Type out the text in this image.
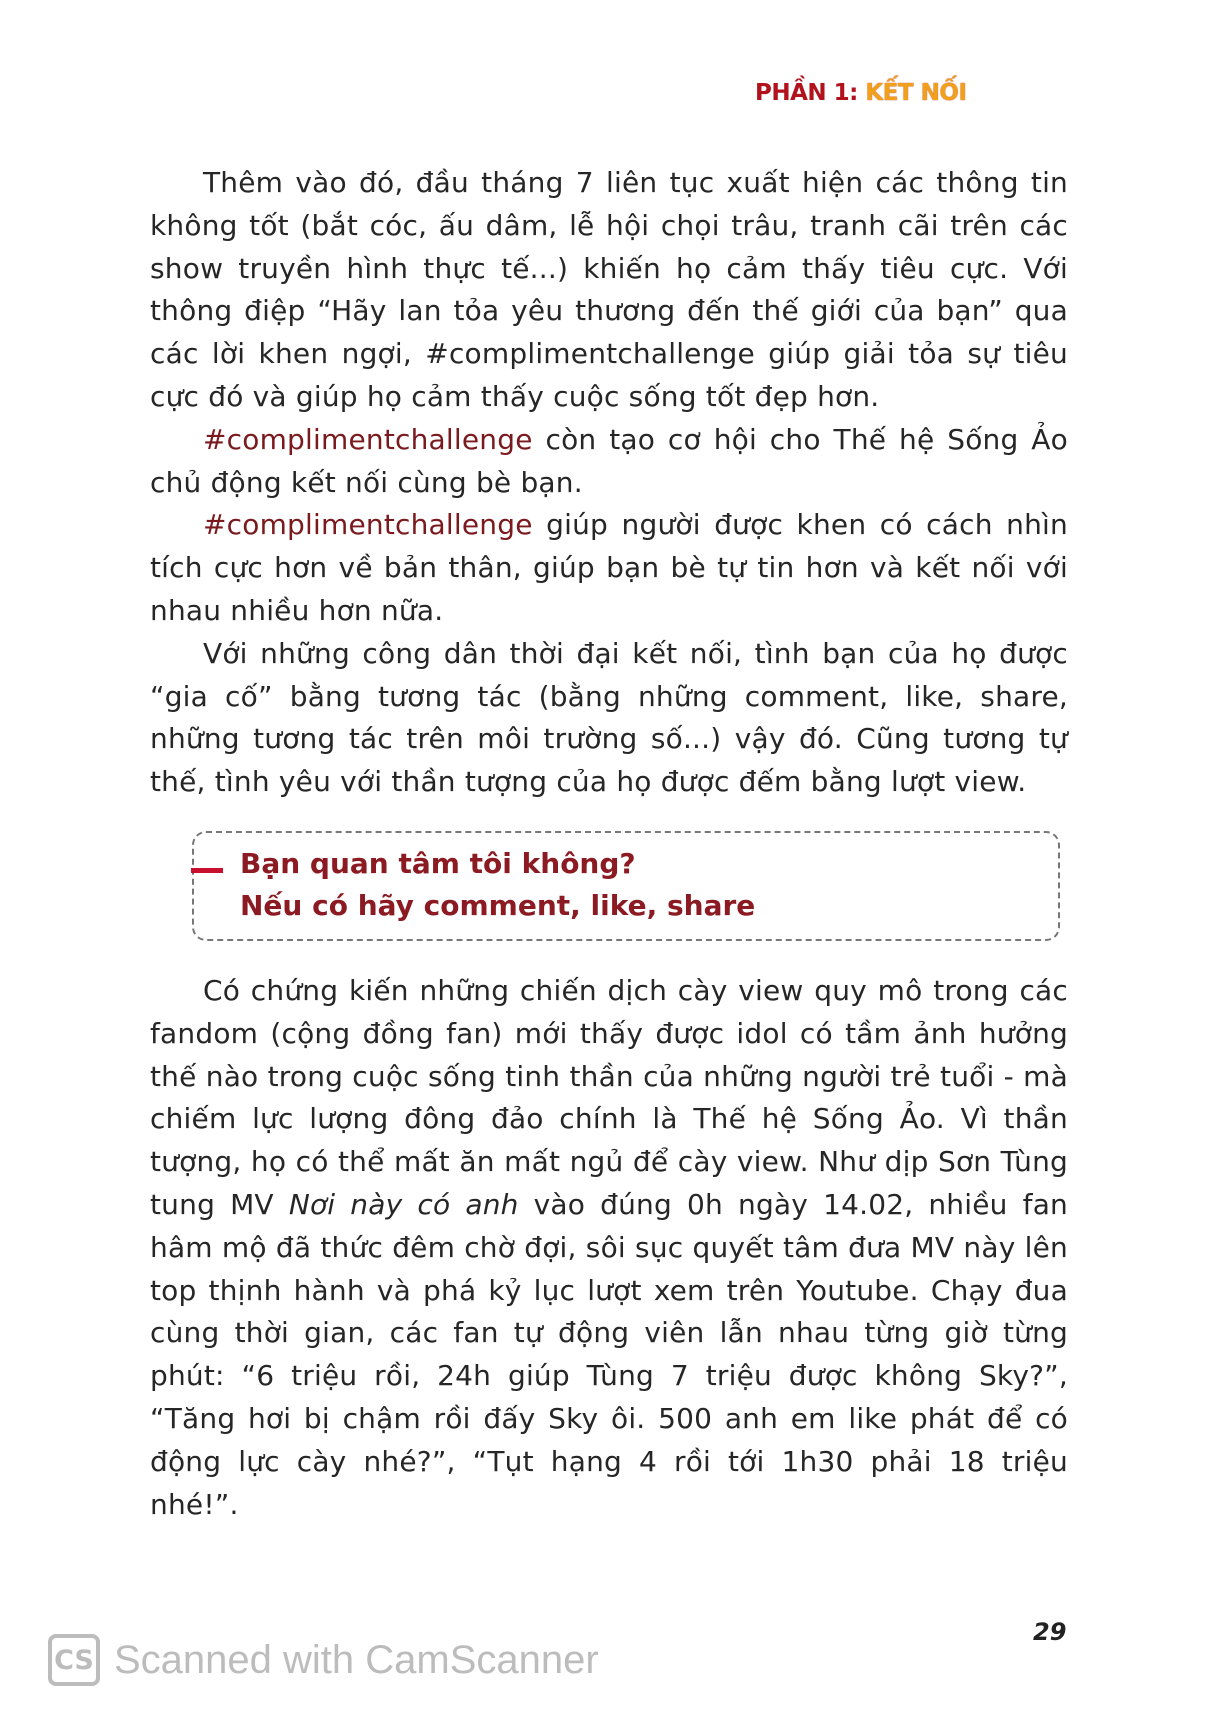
PHẦN 1: KẾT NỐI

Thêm vào đó, đầu tháng 7 liên tục xuất hiện các thông tin không tốt (bắt cóc, ấu dâm, lễ hội chọi trâu, tranh cãi trên các show truyền hình thực tế...) khiến họ cảm thấy tiêu cực. Với thông điệp “Hãy lan tỏa yêu thương đến thế giới của bạn” qua các lời khen ngợi, #complimentchallenge giúp giải tỏa sự tiêu cực đó và giúp họ cảm thấy cuộc sống tốt đẹp hơn.

#complimentchallenge còn tạo cơ hội cho Thế hệ Sống Ảo chủ động kết nối cùng bè bạn.

#complimentchallenge giúp người được khen có cách nhìn tích cực hơn về bản thân, giúp bạn bè tự tin hơn và kết nối với nhau nhiều hơn nữa.

Với những công dân thời đại kết nối, tình bạn của họ được “gia cố” bằng tương tác (bằng những comment, like, share, những tương tác trên môi trường số...) vậy đó. Cũng tương tự thế, tình yêu với thần tượng của họ được đếm bằng lượt view.

Bạn quan tâm tôi không?
Nếu có hãy comment, like, share

Có chứng kiến những chiến dịch cày view quy mô trong các fandom (cộng đồng fan) mới thấy được idol có tầm ảnh hưởng thế nào trong cuộc sống tinh thần của những người trẻ tuổi - mà chiếm lực lượng đông đảo chính là Thế hệ Sống Ảo. Vì thần tượng, họ có thể mất ăn mất ngủ để cày view. Như dịp Sơn Tùng tung MV Nơi này có anh vào đúng 0h ngày 14.02, nhiều fan hâm mộ đã thức đêm chờ đợi, sôi sục quyết tâm đưa MV này lên top thịnh hành và phá kỷ lục lượt xem trên Youtube. Chạy đua cùng thời gian, các fan tự động viên lẫn nhau từng giờ từng phút: “6 triệu rồi, 24h giúp Tùng 7 triệu được không Sky?”, “Tăng hơi bị chậm rồi đấy Sky ôi. 500 anh em like phát để có động lực cày nhé?”, “Tụt hạng 4 rồi tới 1h30 phải 18 triệu nhé!”.

29
CS Scanned with CamScanner
